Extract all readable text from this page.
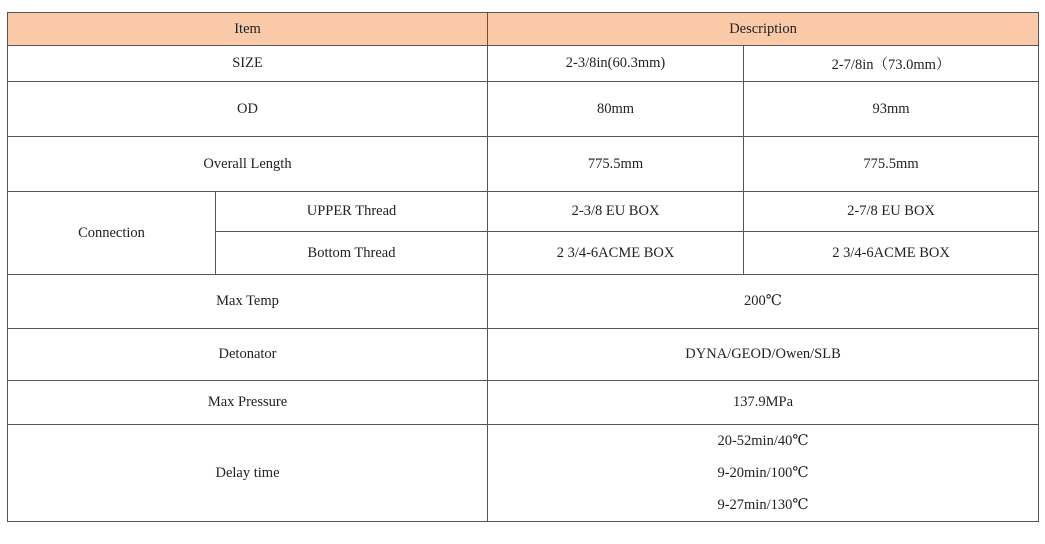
Item		Description	
SIZE		2-3/8in(60.3mm)	2-7/8in（73.0mm）
OD		80mm	93mm
Overall Length		775.5mm	775.5mm
Connection	UPPER Thread	2-3/8 EU BOX	2-7/8 EU BOX
	Bottom Thread	2 3/4-6ACME BOX	2 3/4-6ACME BOX
Max Temp		200℃	
Detonator		DYNA/GEOD/Owen/SLB	
Max Pressure		137.9MPa	
Delay time		20-52min/40℃
9-20min/100℃
9-27min/130℃	
